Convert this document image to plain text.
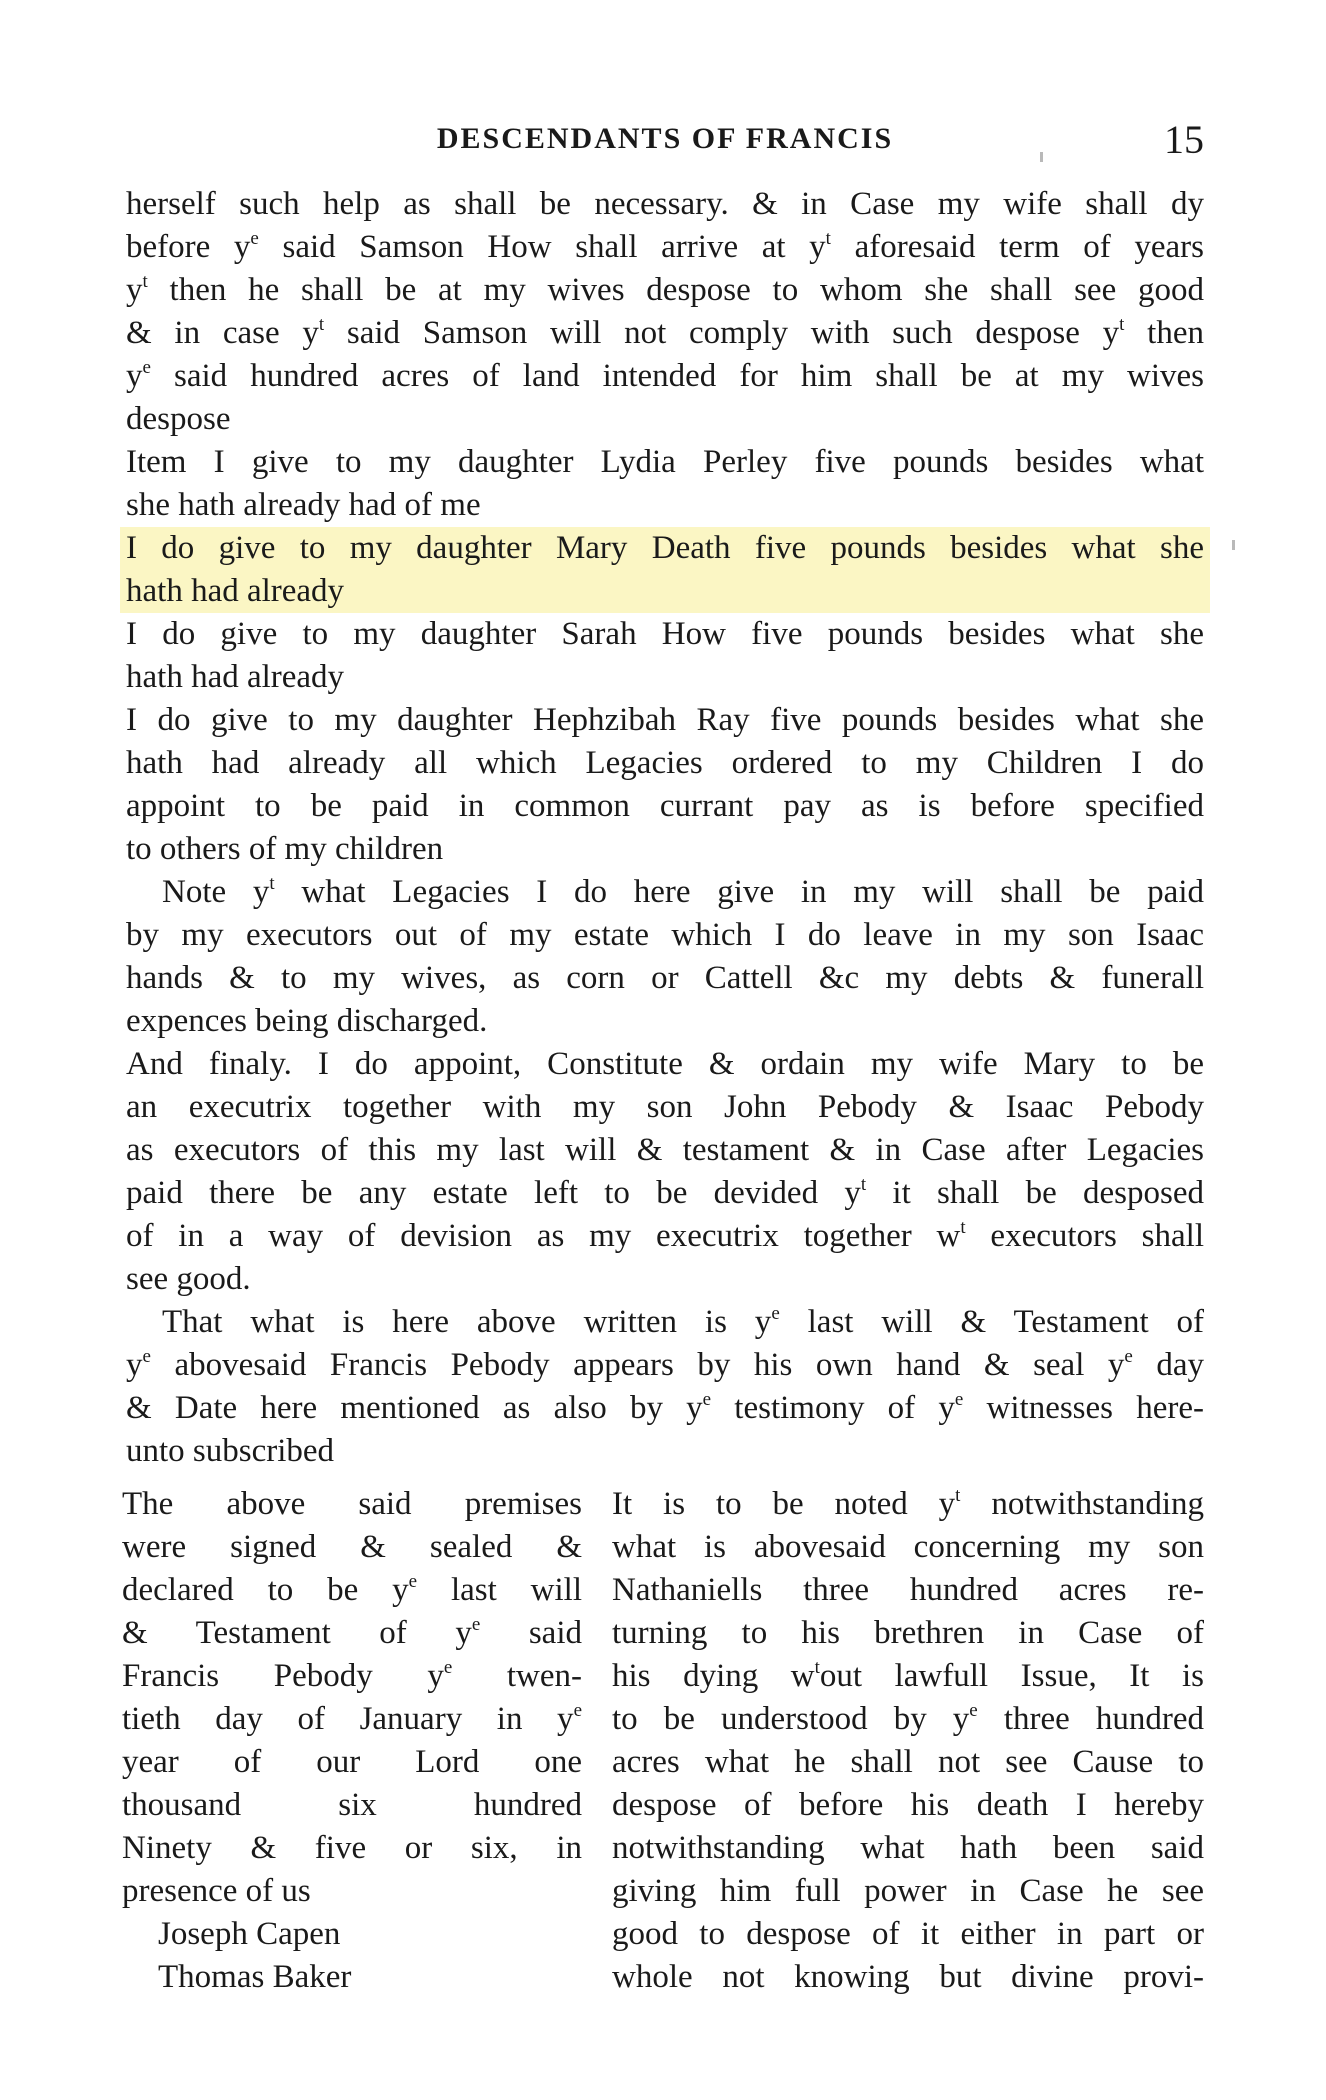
DESCENDANTS OF FRANCIS	15
herself such help as shall be necessary. & in Case my wife shall dy
before $y^e$ said Samson How shall arrive at $y^t$ aforesaid term of years
$y^t$ then he shall be at my wives despose to whom she shall see good
& in case $y^t$ said Samson will not comply with such despose $y^t$ then
$y^e$ said hundred acres of land intended for him shall be at my wives
despose
Item I give to my daughter Lydia Perley five pounds besides what
she hath already had of me
I do give to my daughter Mary Death five pounds besides what she
hath had already
I do give to my daughter Sarah How five pounds besides what she
hath had already
I do give to my daughter Hephzibah Ray five pounds besides what she
hath had already all which Legacies ordered to my Children I do
appoint to be paid in common currant pay as is before specified
to others of my children
Note $y^t$ what Legacies I do here give in my will shall be paid
by my executors out of my estate which I do leave in my son Isaac
hands & to my wives, as corn or Cattell &c my debts & funerall
expences being discharged.
And finaly. I do appoint, Constitute & ordain my wife Mary to be
an executrix together with my son John Pebody & Isaac Pebody
as executors of this my last will & testament & in Case after Legacies
paid there be any estate left to be devided $y^t$ it shall be desposed
of in a way of devision as my executrix together $w^t$ executors shall
see good.
That what is here above written is $y^e$ last will & Testament of
$y^e$ abovesaid Francis Pebody appears by his own hand & seal $y^e$ day
& Date here mentioned as also by $y^e$ testimony of $y^e$ witnesses here-
unto subscribed
The above said premises
were signed & sealed &
declared to be $y^e$ last will
& Testament of $y^e$ said
Francis Pebody $y^e$ twen-
tieth day of January in $y^e$
year of our Lord one
thousand six hundred
Ninety & five or six, in
presence of us
Joseph Capen
Thomas Baker
It is to be noted $y^t$ notwithstanding
what is abovesaid concerning my son
Nathaniells three hundred acres re-
turning to his brethren in Case of
his dying $w^tout$ lawfull Issue, It is
to be understood by $y^e$ three hundred
acres what he shall not see Cause to
despose of before his death I hereby
notwithstanding what hath been said
giving him full power in Case he see
good to despose of it either in part or
whole not knowing but divine provi-
